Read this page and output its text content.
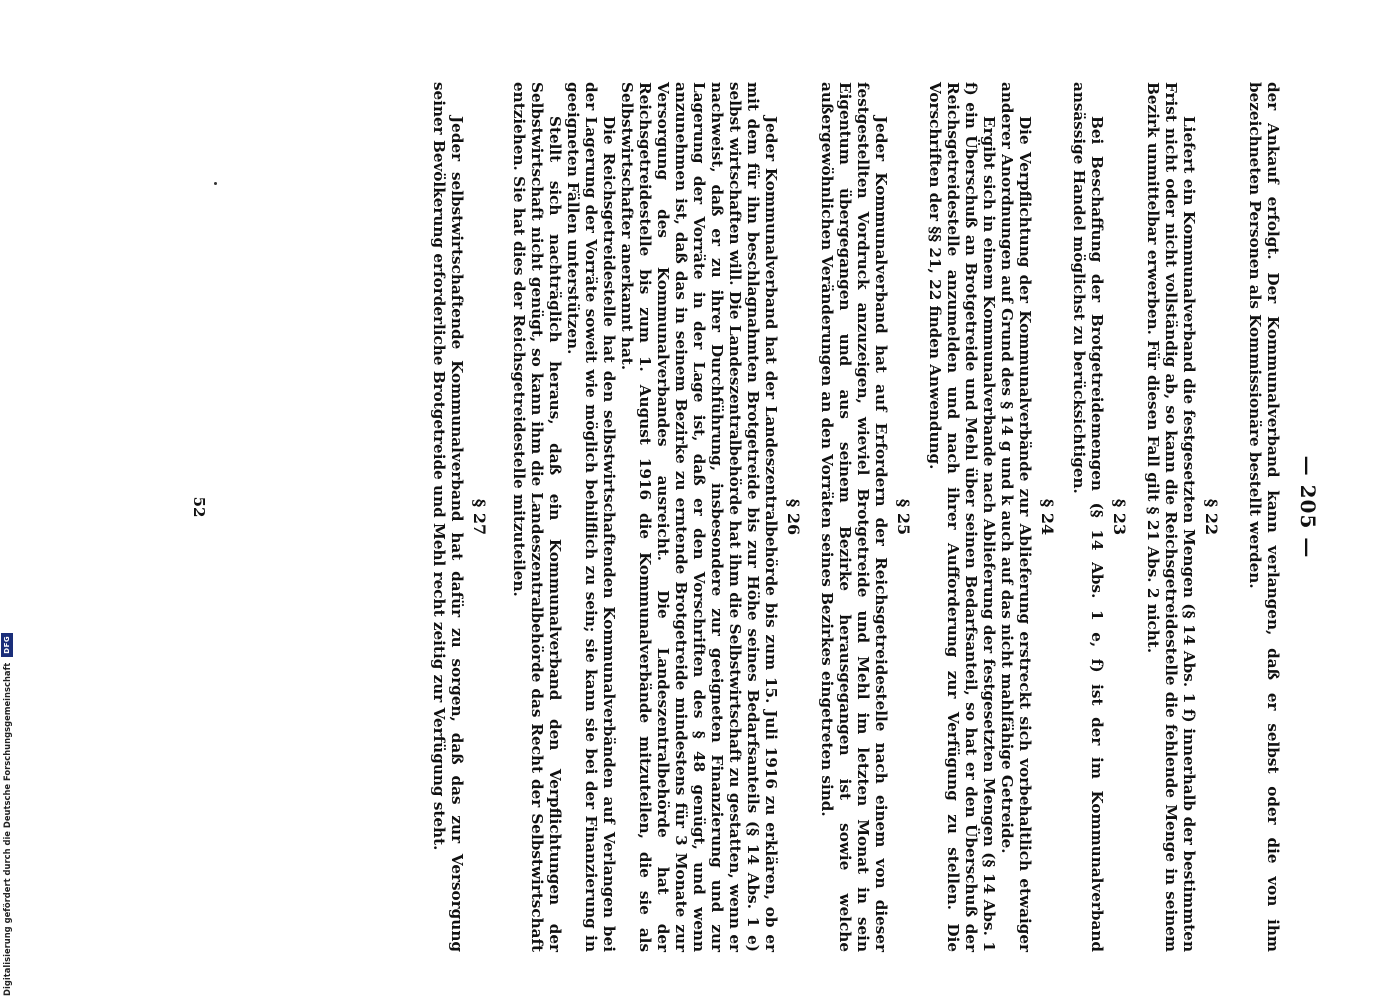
— 205 —

der Ankauf erfolgt. Der Kommunalverband kann verlangen, daß er selbst oder die von ihm bezeichneten Personen als Kommissionäre bestellt werden.

§ 22

Liefert ein Kommunalverband die festgesetzten Mengen (§ 14 Abs. 1 f) innerhalb der bestimmten Frist nicht oder nicht vollständig ab, so kann die Reichsgetreidestelle die fehlende Menge in seinem Bezirk unmittelbar erwerben. Für diesen Fall gilt § 21 Abs. 2 nicht.

§ 23

Bei Beschaffung der Brotgetreidemengen (§ 14 Abs. 1 e, f) ist der im Kommunalverband ansässige Handel möglichst zu berücksichtigen.

§ 24

Die Verpflichtung der Kommunalverbände zur Ablieferung erstreckt sich vorbehaltlich etwaiger anderer Anordnungen auf Grund des § 14 g und k auch auf das nicht mahlfähige Getreide.

Ergibt sich in einem Kommunalverbande nach Ablieferung der festgesetzten Mengen (§ 14 Abs. 1 f) ein Überschuß an Brotgetreide und Mehl über seinen Bedarfsanteil, so hat er den Überschuß der Reichsgetreidestelle anzumelden und nach ihrer Aufforderung zur Verfügung zu stellen. Die Vorschriften der §§ 21, 22 finden Anwendung.

§ 25

Jeder Kommunalverband hat auf Erfordern der Reichsgetreidestelle nach einem von dieser festgestellten Vordruck anzuzeigen, wieviel Brotgetreide und Mehl im letzten Monat in sein Eigentum übergegangen und aus seinem Bezirke herausgegangen ist sowie welche außergewöhnlichen Veränderungen an den Vorräten seines Bezirkes eingetreten sind.

§ 26

Jeder Kommunalverband hat der Landeszentralbehörde bis zum 15. Juli 1916 zu erklären, ob er mit dem für ihn beschlagnahmten Brotgetreide bis zur Höhe seines Bedarfsanteils (§ 14 Abs. 1 e) selbst wirtschaften will. Die Landeszentralbehörde hat ihm die Selbstwirtschaft zu gestatten, wenn er nachweist, daß er zu ihrer Durchführung, insbesondere zur geeigneten Finanzierung und zur Lagerung der Vorräte in der Lage ist, daß er den Vorschriften des § 48 genügt, und wenn anzunehmen ist, daß das in seinem Bezirke zu erntende Brotgetreide mindestens für 3 Monate zur Versorgung des Kommunalverbandes ausreicht. Die Landeszentralbehörde hat der Reichsgetreidestelle bis zum 1. August 1916 die Kommunalverbände mitzuteilen, die sie als Selbstwirtschafter anerkannt hat.

Die Reichsgetreidestelle hat den selbstwirtschaftenden Kommunalverbänden auf Verlangen bei der Lagerung der Vorräte soweit wie möglich behilflich zu sein; sie kann sie bei der Finanzierung in geeigneten Fällen unterstützen.

Stellt sich nachträglich heraus, daß ein Kommunalverband den Verpflichtungen der Selbstwirtschaft nicht genügt, so kann ihm die Landeszentralbehörde das Recht der Selbstwirtschaft entziehen. Sie hat dies der Reichsgetreidestelle mitzuteilen.

§ 27

Jeder selbstwirtschaftende Kommunalverband hat dafür zu sorgen, daß das zur Versorgung seiner Bevölkerung erforderliche Brotgetreide und Mehl recht zeitig zur Verfügung steht.

52
Digitalisierung gefördert durch die Deutsche Forschungsgemeinschaft
DFG
